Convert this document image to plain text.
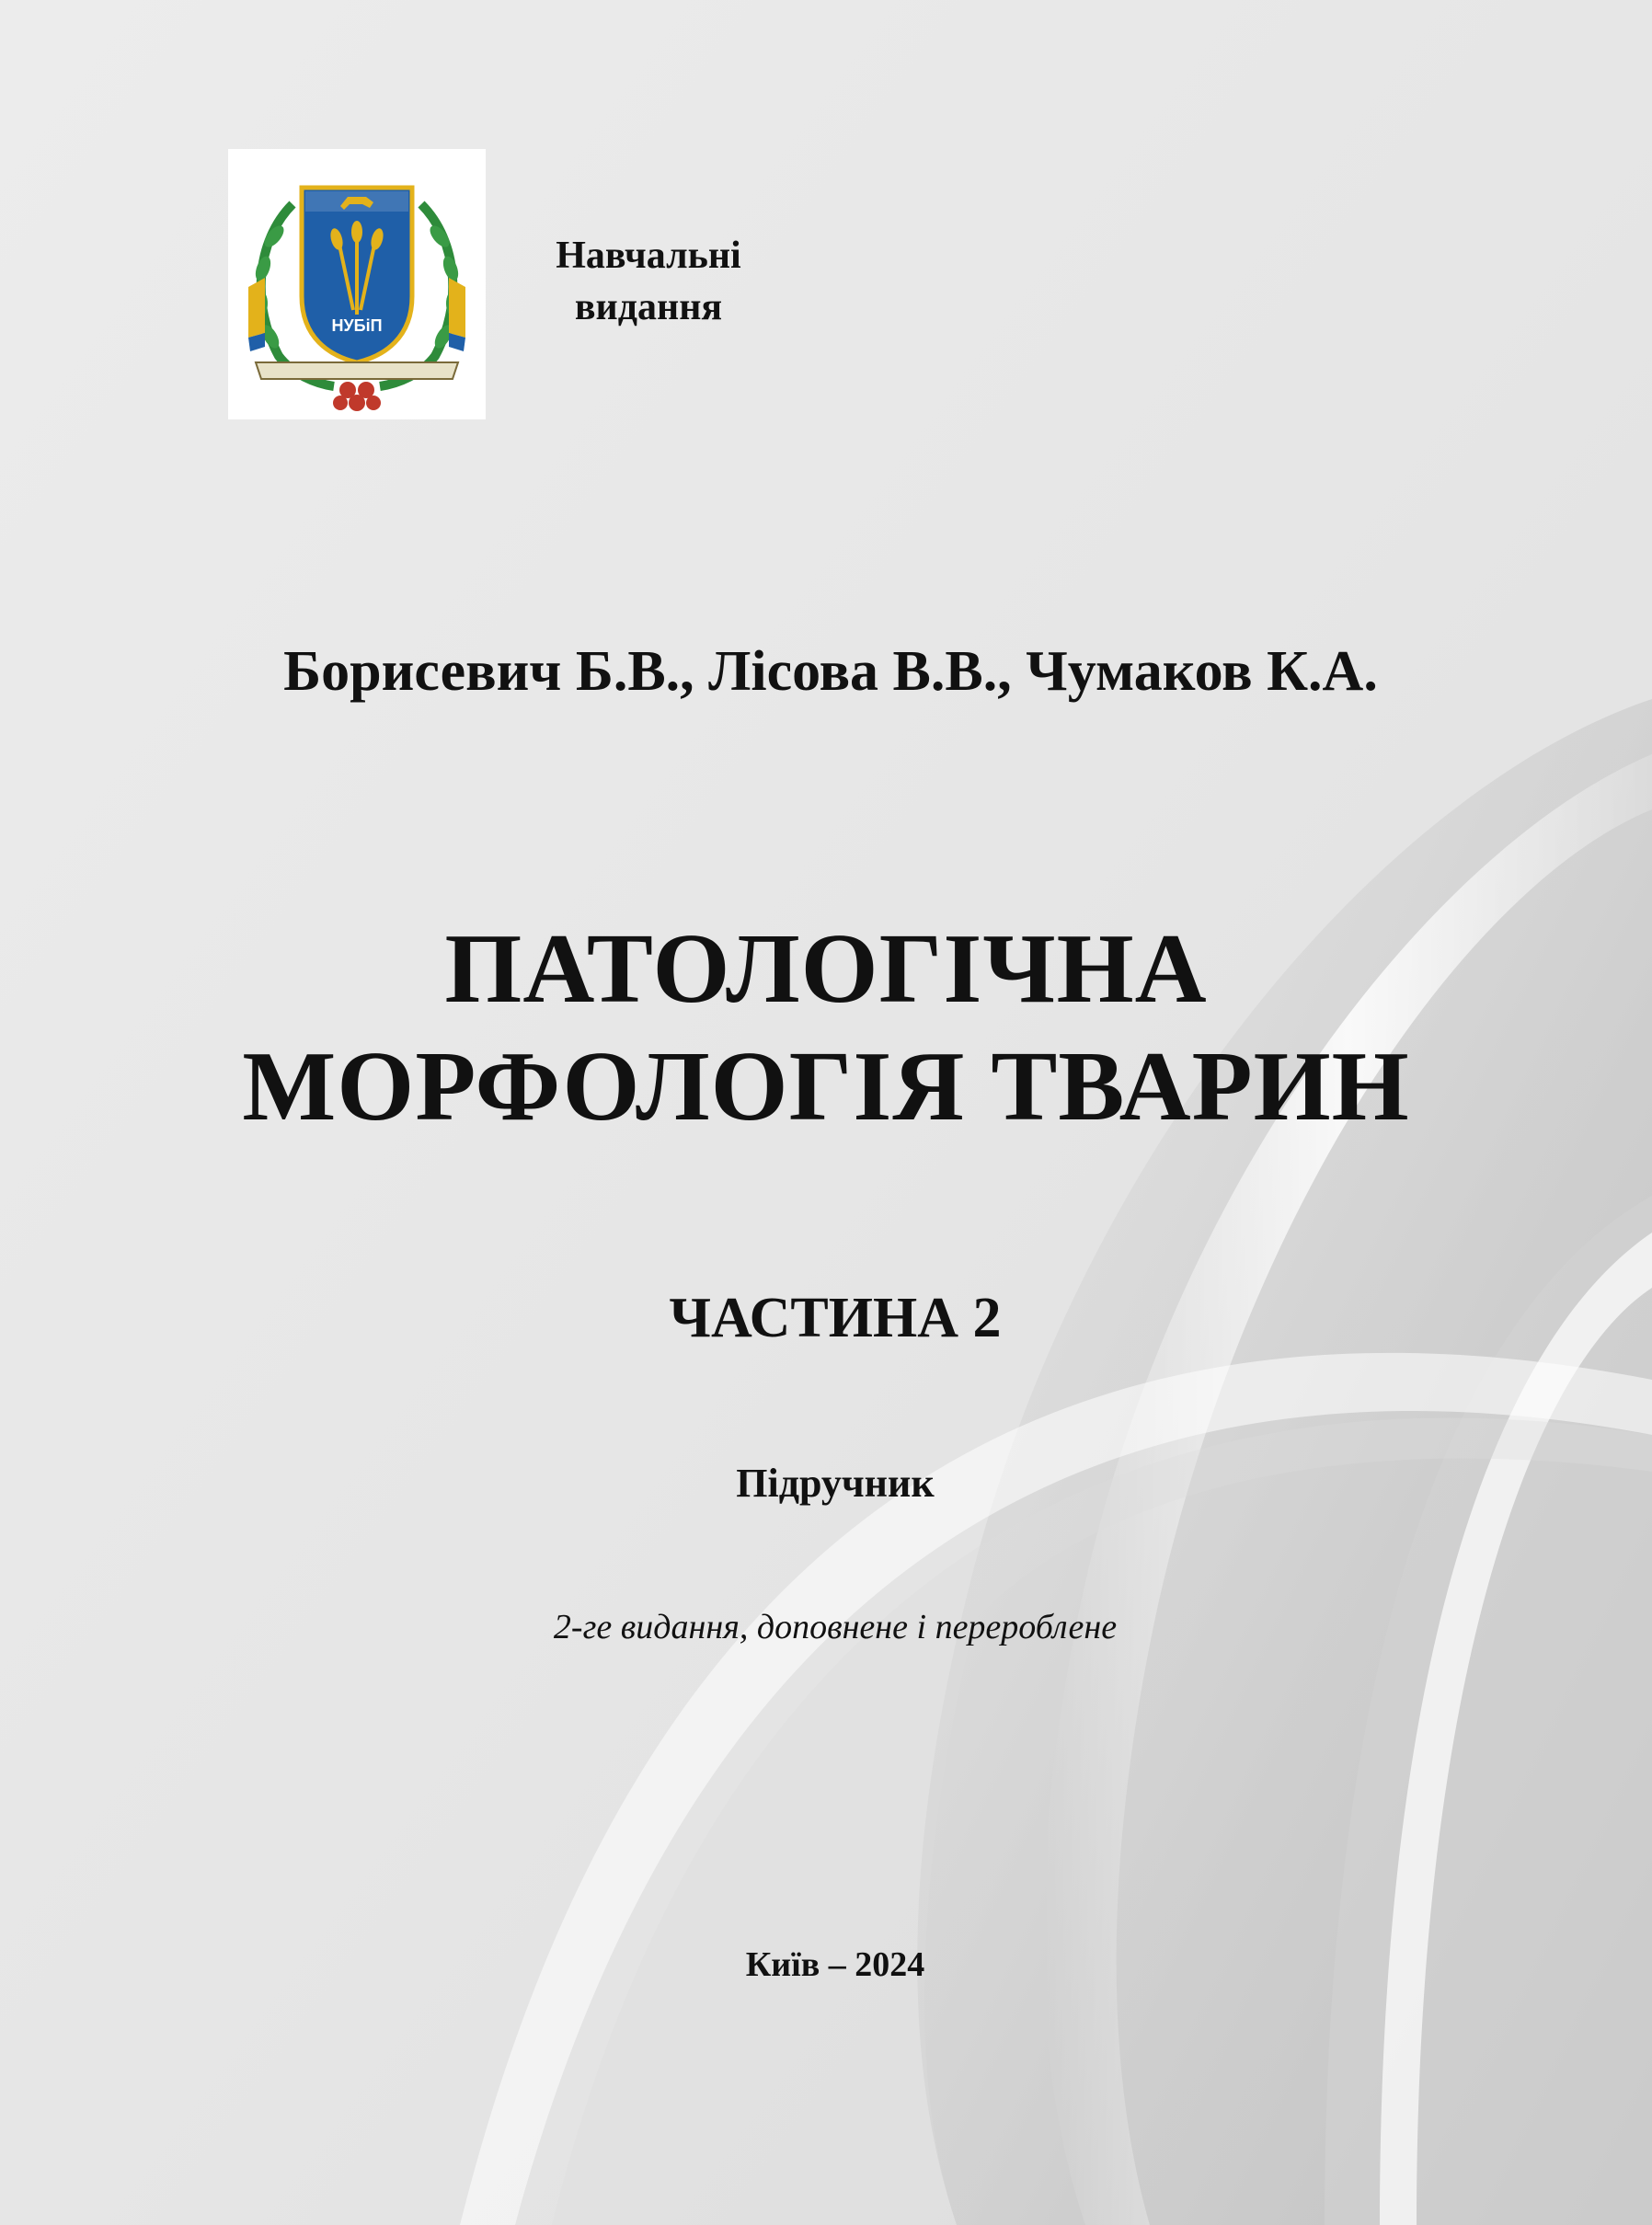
НУБіП
Навчальні
видання
Борисевич Б.В., Лісова В.В., Чумаков К.А.
ПАТОЛОГІЧНА
МОРФОЛОГІЯ ТВАРИН
ЧАСТИНА 2
Підручник
2-ге видання, доповнене і перероблене
Київ – 2024
